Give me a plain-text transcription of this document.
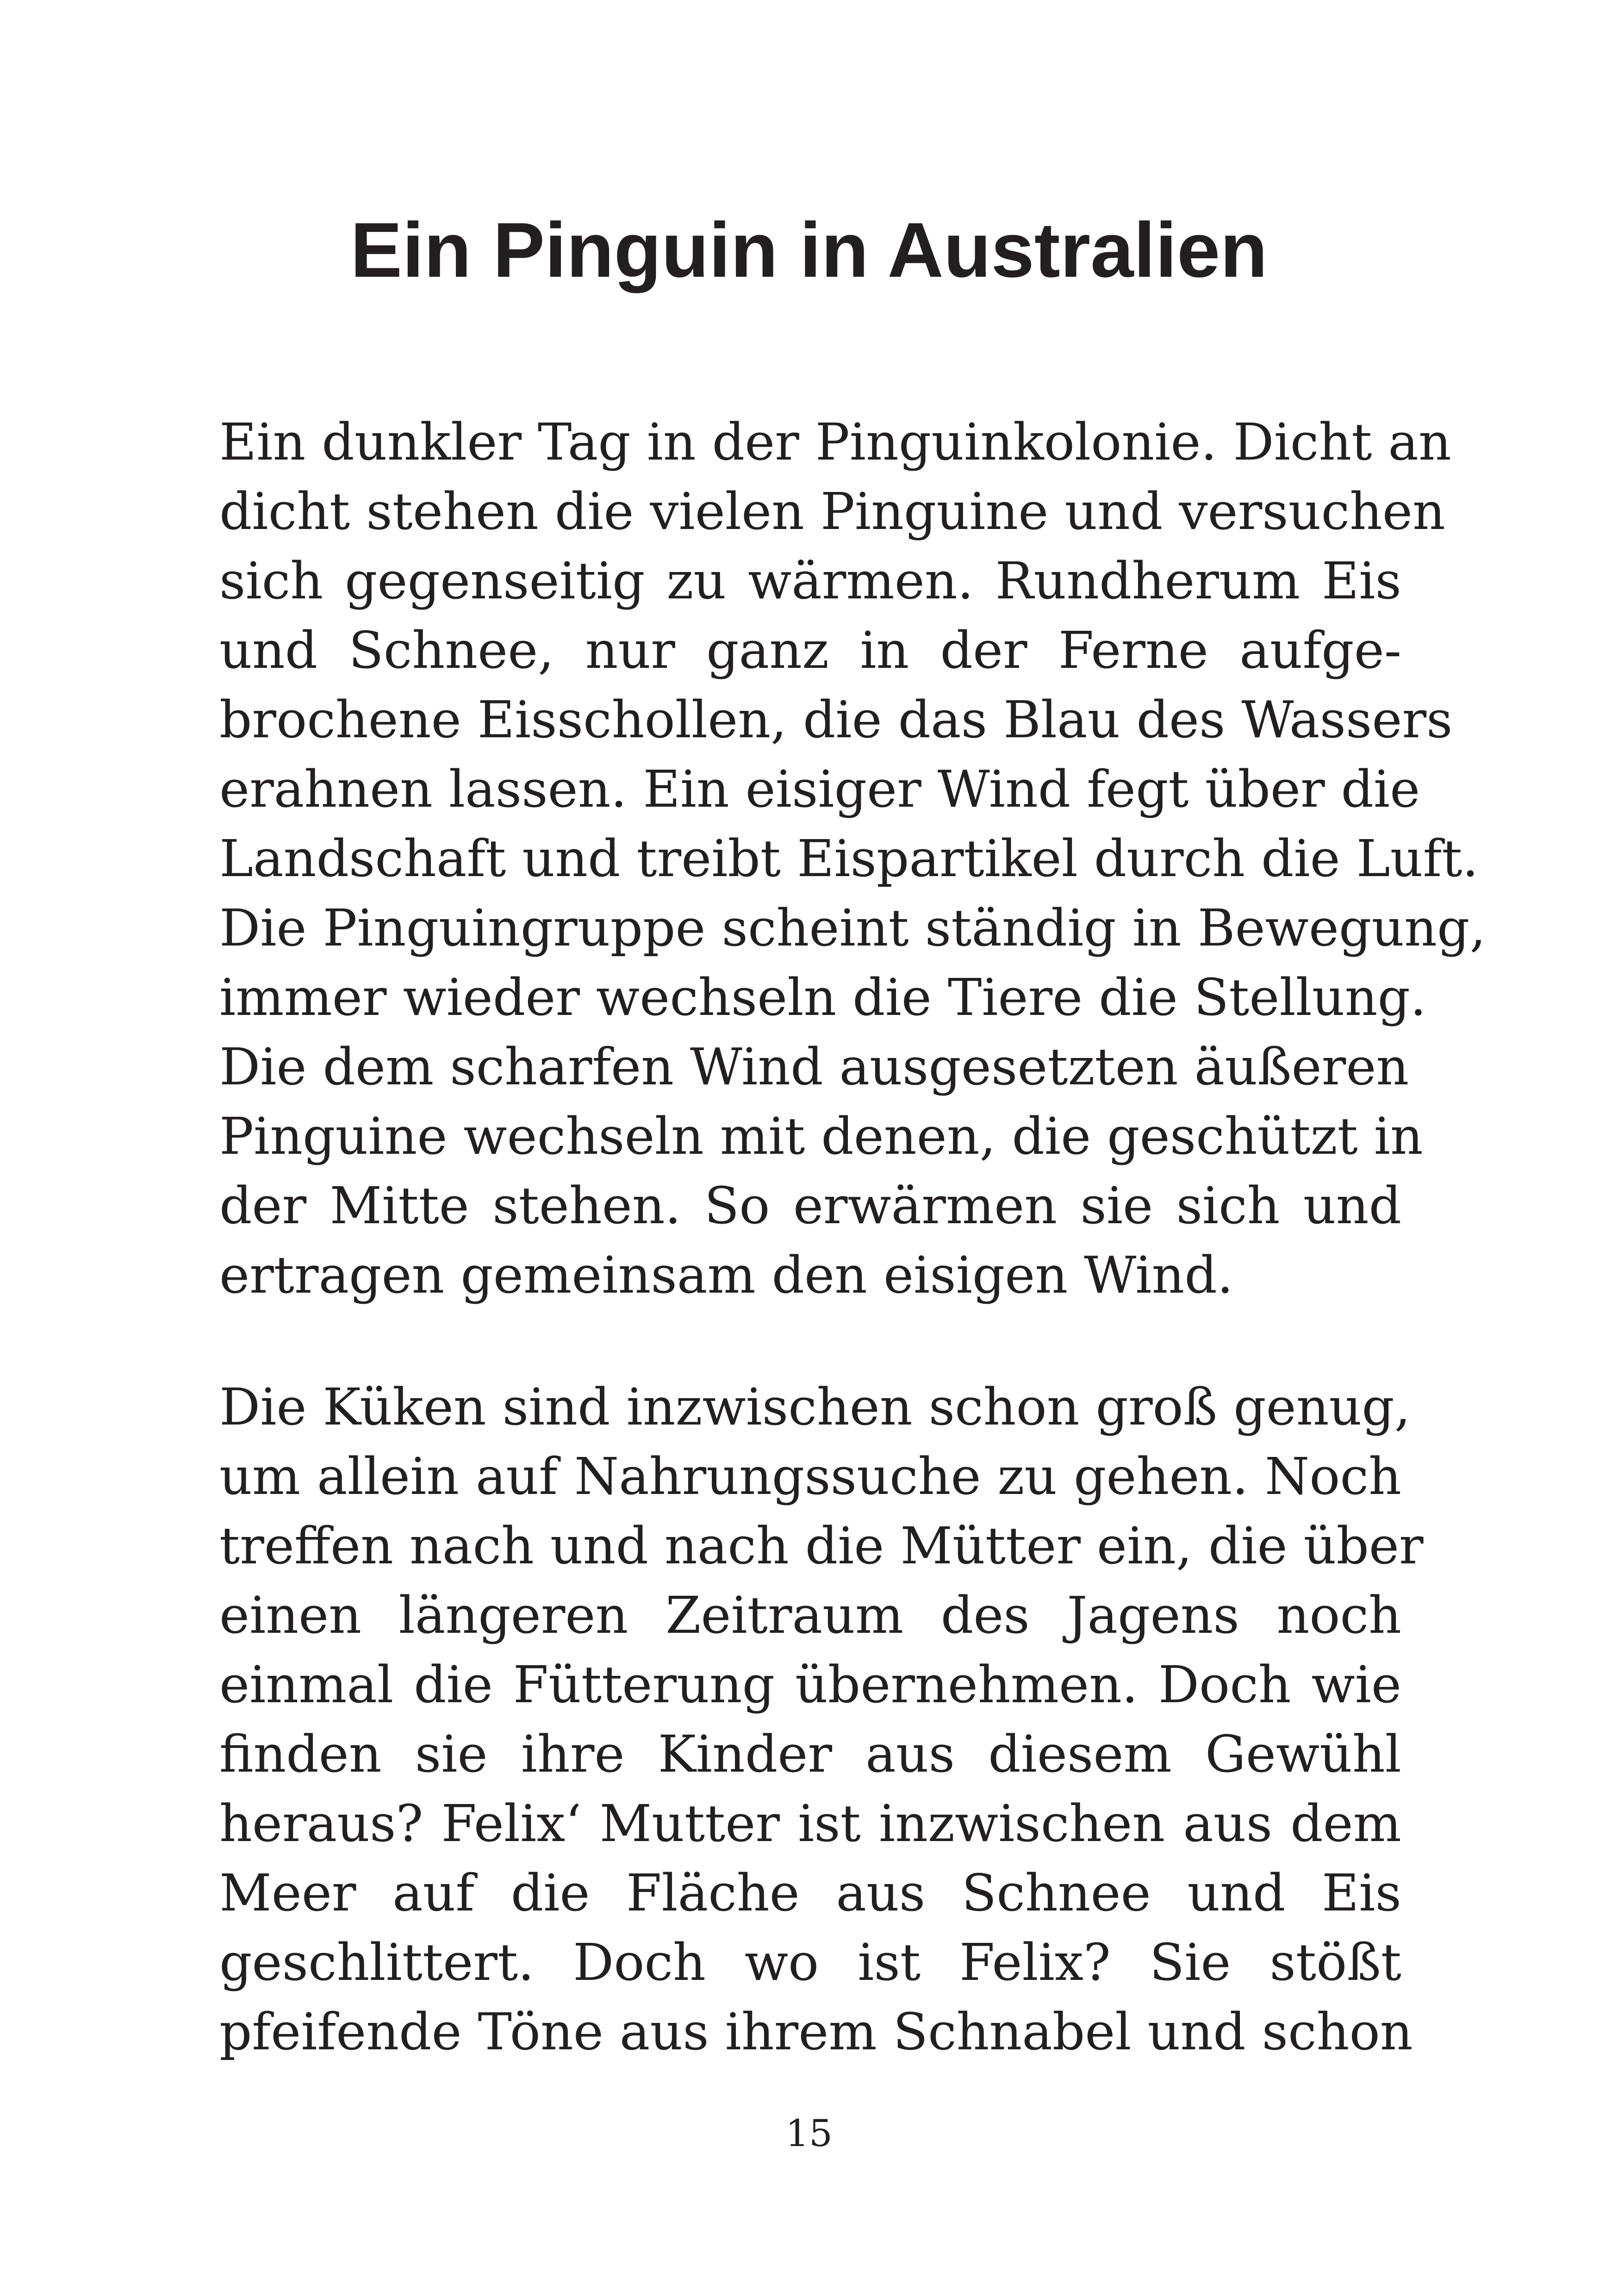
Ein Pinguin in Australien
Ein dunkler Tag in der Pinguinkolonie. Dicht an
dicht stehen die vielen Pinguine und versuchen
sich gegenseitig zu wärmen. Rundherum Eis
und Schnee, nur ganz in der Ferne aufge-
brochene Eisschollen, die das Blau des Wassers
erahnen lassen. Ein eisiger Wind fegt über die
Landschaft und treibt Eispartikel durch die Luft.
Die Pinguingruppe scheint ständig in Bewegung,
immer wieder wechseln die Tiere die Stellung.
Die dem scharfen Wind ausgesetzten äußeren
Pinguine wechseln mit denen, die geschützt in
der Mitte stehen. So erwärmen sie sich und
ertragen gemeinsam den eisigen Wind.
Die Küken sind inzwischen schon groß genug,
um allein auf Nahrungssuche zu gehen. Noch
treffen nach und nach die Mütter ein, die über
einen längeren Zeitraum des Jagens noch
einmal die Fütterung übernehmen. Doch wie
finden sie ihre Kinder aus diesem Gewühl
heraus? Felix‘ Mutter ist inzwischen aus dem
Meer auf die Fläche aus Schnee und Eis
geschlittert. Doch wo ist Felix? Sie stößt
pfeifende Töne aus ihrem Schnabel und schon
15
